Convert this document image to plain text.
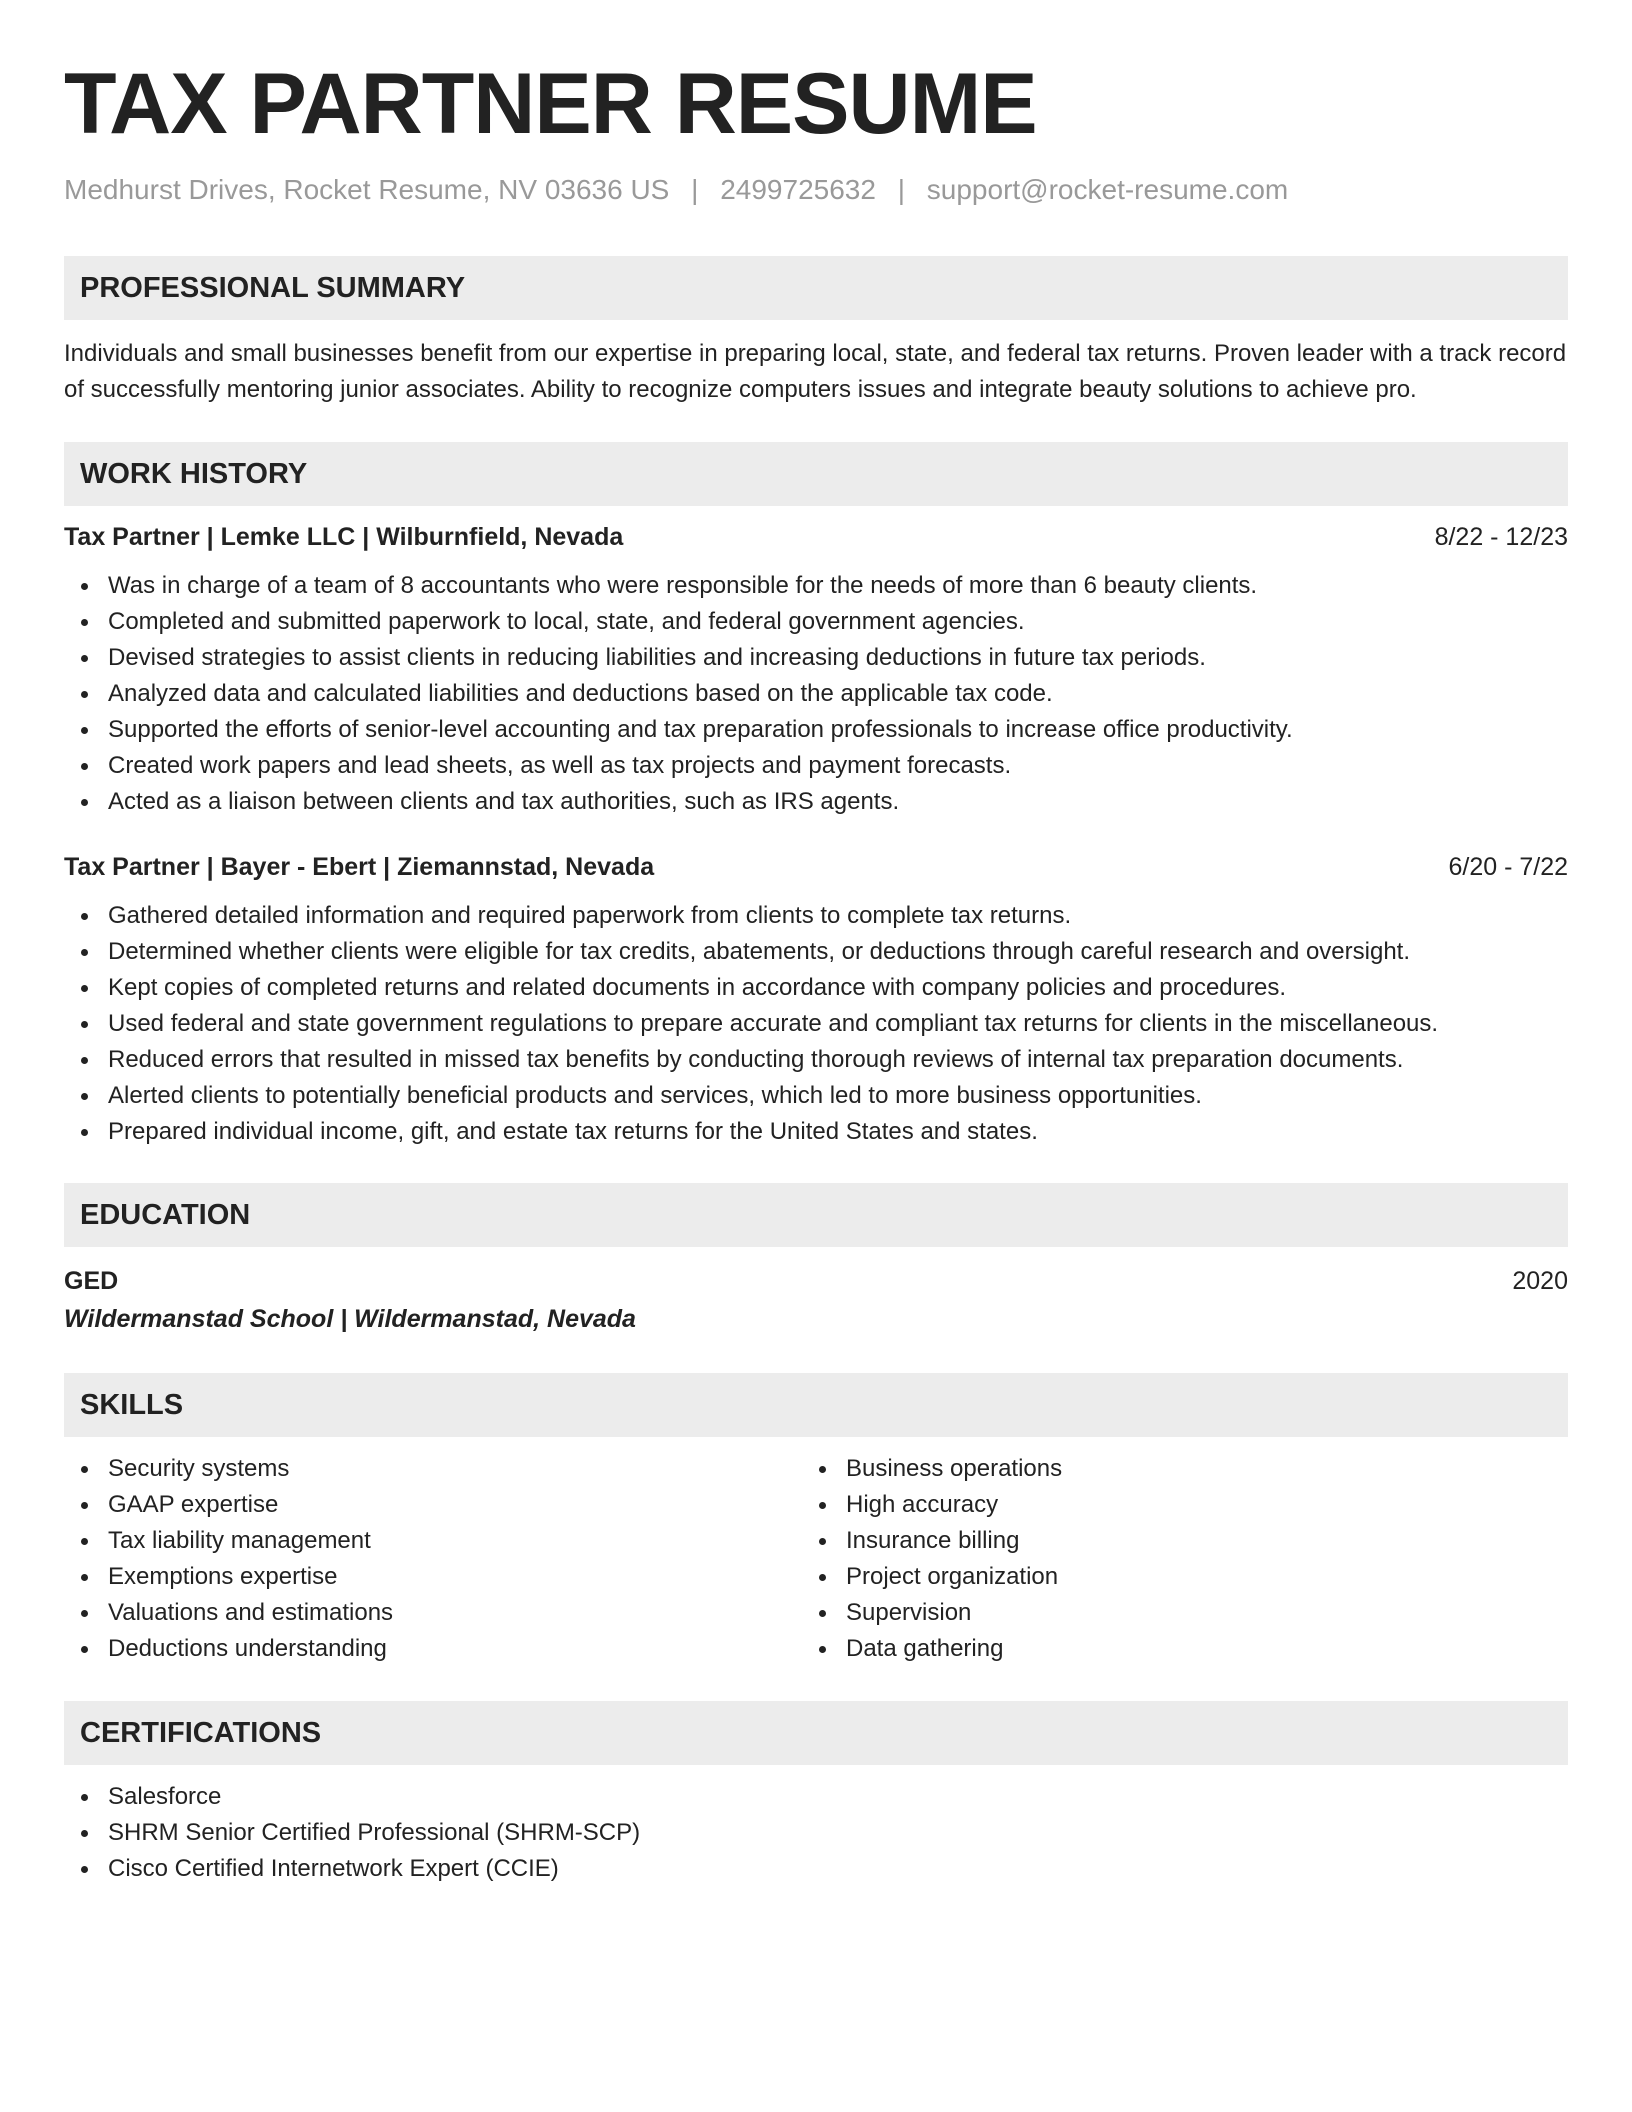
TAX PARTNER RESUME
Medhurst Drives, Rocket Resume, NV 03636 US | 2499725632 | support@rocket-resume.com
PROFESSIONAL SUMMARY
Individuals and small businesses benefit from our expertise in preparing local, state, and federal tax returns. Proven leader with a track record of successfully mentoring junior associates. Ability to recognize computers issues and integrate beauty solutions to achieve pro.
WORK HISTORY
Tax Partner | Lemke LLC | Wilburnfield, Nevada	8/22 - 12/23
Was in charge of a team of 8 accountants who were responsible for the needs of more than 6 beauty clients.
Completed and submitted paperwork to local, state, and federal government agencies.
Devised strategies to assist clients in reducing liabilities and increasing deductions in future tax periods.
Analyzed data and calculated liabilities and deductions based on the applicable tax code.
Supported the efforts of senior-level accounting and tax preparation professionals to increase office productivity.
Created work papers and lead sheets, as well as tax projects and payment forecasts.
Acted as a liaison between clients and tax authorities, such as IRS agents.
Tax Partner | Bayer - Ebert | Ziemannstad, Nevada	6/20 - 7/22
Gathered detailed information and required paperwork from clients to complete tax returns.
Determined whether clients were eligible for tax credits, abatements, or deductions through careful research and oversight.
Kept copies of completed returns and related documents in accordance with company policies and procedures.
Used federal and state government regulations to prepare accurate and compliant tax returns for clients in the miscellaneous.
Reduced errors that resulted in missed tax benefits by conducting thorough reviews of internal tax preparation documents.
Alerted clients to potentially beneficial products and services, which led to more business opportunities.
Prepared individual income, gift, and estate tax returns for the United States and states.
EDUCATION
GED	2020
Wildermanstad School | Wildermanstad, Nevada
SKILLS
Security systems
GAAP expertise
Tax liability management
Exemptions expertise
Valuations and estimations
Deductions understanding
Business operations
High accuracy
Insurance billing
Project organization
Supervision
Data gathering
CERTIFICATIONS
Salesforce
SHRM Senior Certified Professional (SHRM-SCP)
Cisco Certified Internetwork Expert (CCIE)
